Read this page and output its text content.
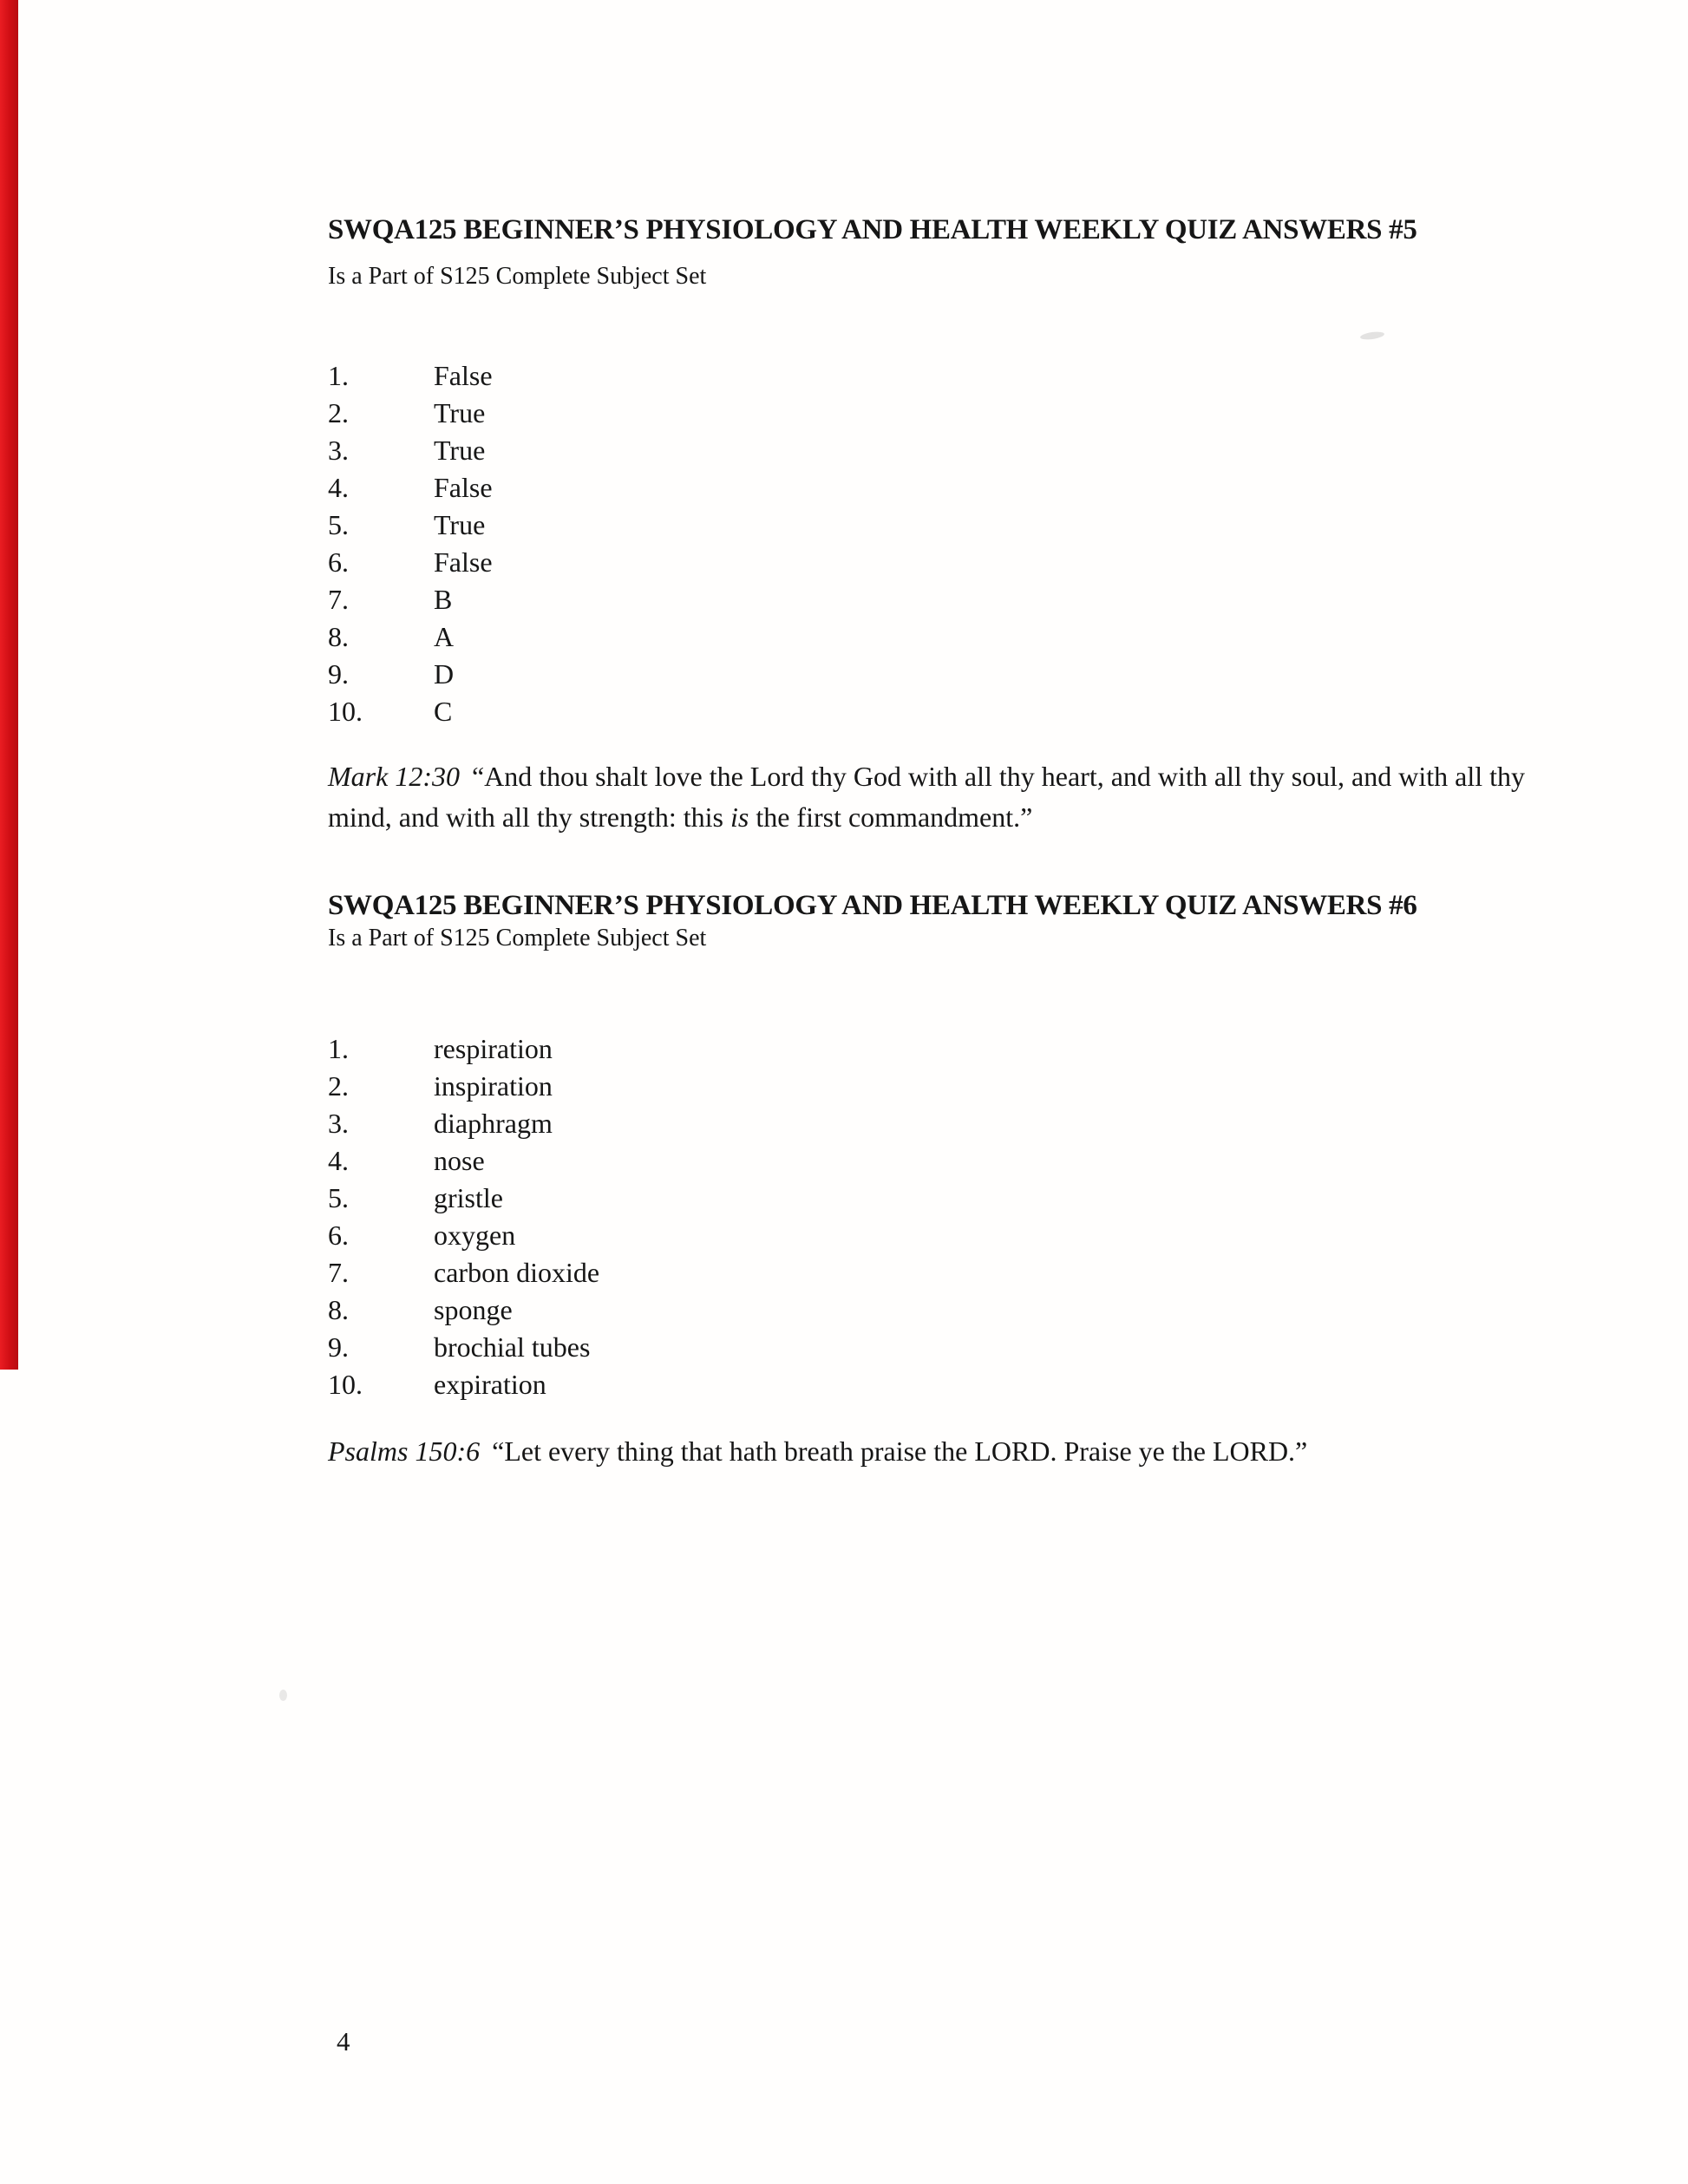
SWQA125 BEGINNER’S PHYSIOLOGY AND HEALTH WEEKLY QUIZ ANSWERS #5
Is a Part of S125 Complete Subject Set
1.	False
2.	True
3.	True
4.	False
5.	True
6.	False
7.	B
8.	A
9.	D
10.	C
Mark 12:30 “And thou shalt love the Lord thy God with all thy heart, and with all thy soul, and with all thy mind, and with all thy strength: this is the first commandment.”
SWQA125 BEGINNER’S PHYSIOLOGY AND HEALTH WEEKLY QUIZ ANSWERS #6
Is a Part of S125 Complete Subject Set
1.	respiration
2.	inspiration
3.	diaphragm
4.	nose
5.	gristle
6.	oxygen
7.	carbon dioxide
8.	sponge
9.	brochial tubes
10.	expiration
Psalms 150:6 “Let every thing that hath breath praise the LORD. Praise ye the LORD.”
4
